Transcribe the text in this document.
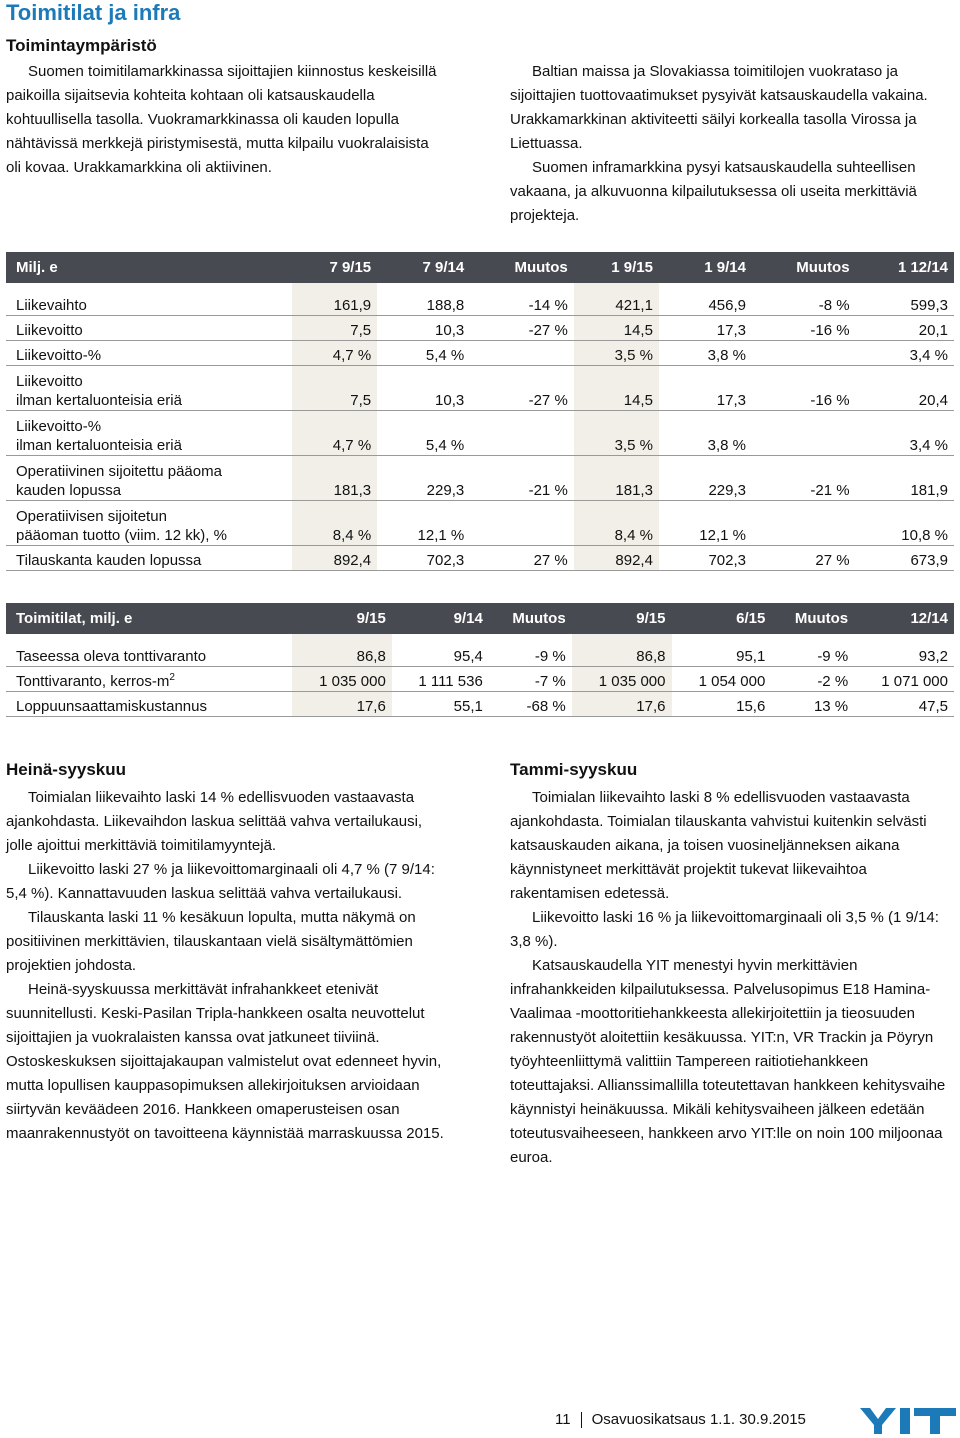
Toimitilat ja infra
Toimintaympäristö

Suomen toimitilamarkkinassa sijoittajien kiinnostus keskeisillä paikoilla sijaitsevia kohteita kohtaan oli katsauskaudella kohtuullisella tasolla. Vuokramarkkinassa oli kauden lopulla nähtävissä merkkejä piristymisestä, mutta kilpailu vuokralaisista oli kovaa. Urakkamarkkina oli aktiivinen.

Baltian maissa ja Slovakiassa toimitilojen vuokrataso ja sijoittajien tuottovaatimukset pysyivät katsauskaudella vakaina. Urakkamarkkinan aktiviteetti säilyi korkealla tasolla Virossa ja Liettuassa.

Suomen inframarkkina pysyi katsauskaudella suhteellisen vakaana, ja alkuvuonna kilpailutuksessa oli useita merkittäviä projekteja.

Milj. e	7 9/15	7 9/14	Muutos	1 9/15	1 9/14	Muutos	1 12/14

Liikevaihto	161,9	188,8	-14 %	421,1	456,9	-8 %	599,3
Liikevoitto	7,5	10,3	-27 %	14,5	17,3	-16 %	20,1
Liikevoitto-%	4,7 %	5,4 %		3,5 %	3,8 %		3,4 %
Liikevoitto
ilman kertaluonteisia eriä	7,5	10,3	-27 %	14,5	17,3	-16 %	20,4
Liikevoitto-%
ilman kertaluonteisia eriä	4,7 %	5,4 %		3,5 %	3,8 %		3,4 %
Operatiivinen sijoitettu pääoma
kauden lopussa	181,3	229,3	-21 %	181,3	229,3	-21 %	181,9
Operatiivisen sijoitetun
pääoman tuotto (viim. 12 kk), %	8,4 %	12,1 %		8,4 %	12,1 %		10,8 %
Tilauskanta kauden lopussa	892,4	702,3	27 %	892,4	702,3	27 %	673,9
Toimitilat, milj. e	9/15	9/14	Muutos	9/15	6/15	Muutos	12/14

Taseessa oleva tonttivaranto	86,8	95,4	-9 %	86,8	95,1	-9 %	93,2
Tonttivaranto, kerros-$m^2$	1 035 000	1 111 536	-7 %	1 035 000	1 054 000	-2 %	1 071 000
Loppuunsaattamiskustannus	17,6	55,1	-68 %	17,6	15,6	13 %	47,5

Heinä-syyskuu

Toimialan liikevaihto laski 14 % edellisvuoden vastaavasta ajankohdasta. Liikevaihdon laskua selittää vahva vertailukausi, jolle ajoittui merkittäviä toimitilamyyntejä.

Liikevoitto laski 27 % ja liikevoittomarginaali oli 4,7 % (7 9/14: 5,4 %). Kannattavuuden laskua selittää vahva vertailukausi.

Tilauskanta laski 11 % kesäkuun lopulta, mutta näkymä on positiivinen merkittävien, tilauskantaan vielä sisältymättömien projektien johdosta.

Heinä-syyskuussa merkittävät infrahankkeet etenivät suunnitellusti. Keski-Pasilan Tripla-hankkeen osalta neuvottelut sijoittajien ja vuokralaisten kanssa ovat jatkuneet tiiviinä. Ostoskeskuksen sijoittajakaupan valmistelut ovat edenneet hyvin, mutta lopullisen kauppasopimuksen allekirjoituksen arvioidaan siirtyvän keväädeen 2016. Hankkeen omaperusteisen osan maanrakennustyöt on tavoitteena käynnistää marraskuussa 2015.

Tammi-syyskuu

Toimialan liikevaihto laski 8 % edellisvuoden vastaavasta ajankohdasta. Toimialan tilauskanta vahvistui kuitenkin selvästi katsauskauden aikana, ja toisen vuosineljänneksen aikana käynnistyneet merkittävät projektit tukevat liikevaihtoa rakentamisen edetessä.

Liikevoitto laski 16 % ja liikevoittomarginaali oli 3,5 % (1 9/14: 3,8 %).

Katsauskaudella YIT menestyi hyvin merkittävien infrahankkeiden kilpailutuksessa. Palvelusopimus E18 Hamina-Vaalimaa -moottoritiehankkeesta allekirjoitettiin ja tieosuuden rakennustyöt aloitettiin kesäkuussa. YIT:n, VR Trackin ja Pöyryn työyhteenliittymä valittiin Tampereen raitiotiehankkeen toteuttajaksi. Allianssimallilla toteutettavan hankkeen kehitysvaihe käynnistyi heinäkuussa. Mikäli kehitysvaiheen jälkeen edetään toteutusvaiheeseen, hankkeen arvo YIT:lle on noin 100 miljoonaa euroa.

11 Osavuosikatsaus 1.1. 30.9.2015
